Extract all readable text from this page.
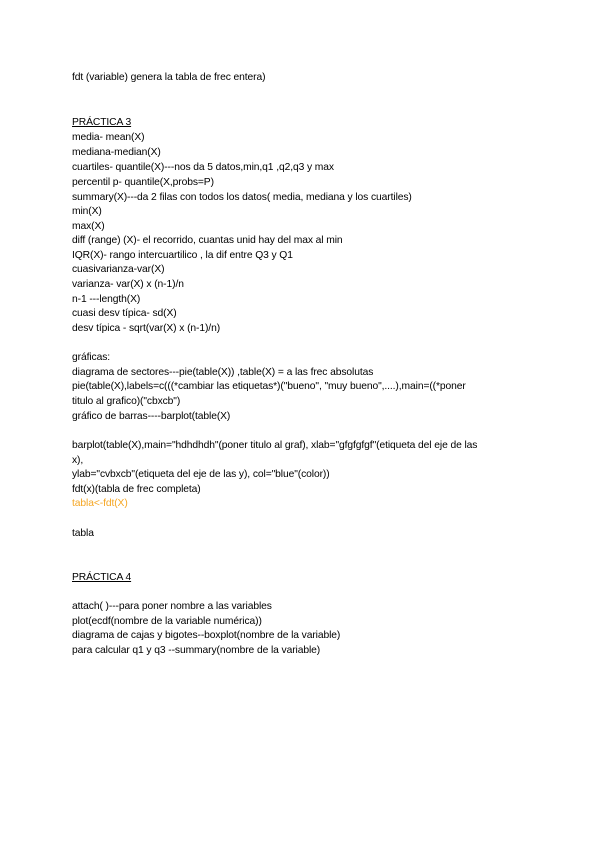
fdt (variable) genera la tabla de frec entera)
PRÁCTICA 3
media- mean(X)
mediana-median(X)
cuartiles- quantile(X)---nos da 5 datos,min,q1 ,q2,q3 y max
percentil p- quantile(X,probs=P)
summary(X)---da 2 filas con todos los datos( media, mediana y los cuartiles)
min(X)
max(X)
diff (range) (X)- el recorrido, cuantas unid hay del max al min
IQR(X)- rango intercuartilico , la dif entre Q3 y Q1
cuasivarianza-var(X)
varianza- var(X) x (n-1)/n
n-1 ---length(X)
cuasi desv típica- sd(X)
desv típica - sqrt(var(X) x (n-1)/n)
gráficas:
diagrama de sectores---pie(table(X)) ,table(X) = a las frec absolutas
pie(table(X),labels=c(((*cambiar las etiquetas*)("bueno", "muy bueno",....),main=((*poner
titulo al grafico)("cbxcb")
gráfico de barras----barplot(table(X)
barplot(table(X),main="hdhdhdh"(poner titulo al graf), xlab="gfgfgfgf"(etiqueta del eje de las
x),
ylab="cvbxcb"(etiqueta del eje de las y), col="blue"(color))
fdt(x)(tabla de frec completa)
tabla<-fdt(X)
tabla
PRÁCTICA 4
attach( )---para poner nombre a las variables
plot(ecdf(nombre de la variable numérica))
diagrama de cajas y bigotes--boxplot(nombre de la variable)
para calcular q1 y q3 --summary(nombre de la variable)
